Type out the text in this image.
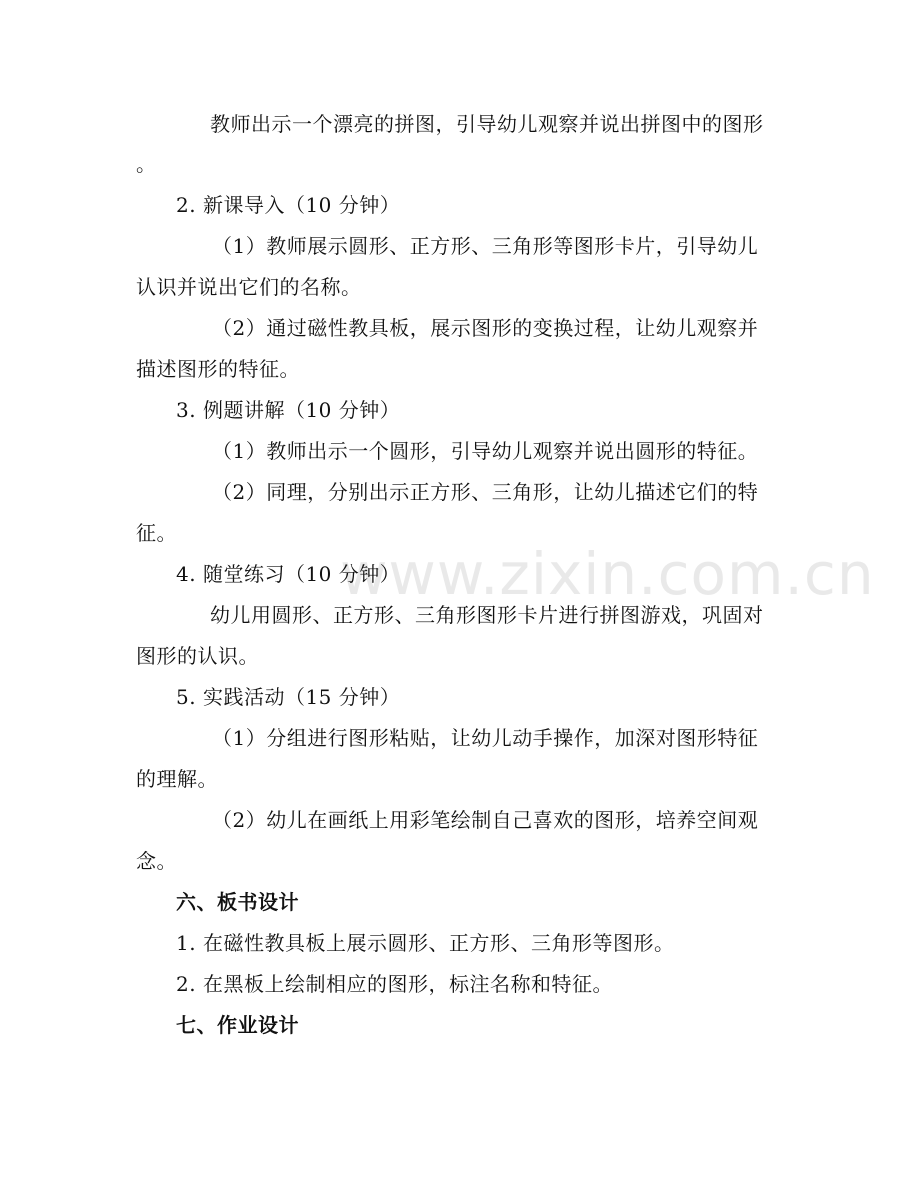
www.zixin.com.cn
教师出示一个漂亮的拼图，引导幼儿观察并说出拼图中的图形
。
2. 新课导入（10 分钟）
（1）教师展示圆形、正方形、三角形等图形卡片，引导幼儿
认识并说出它们的名称。
（2）通过磁性教具板，展示图形的变换过程，让幼儿观察并
描述图形的特征。
3. 例题讲解（10 分钟）
（1）教师出示一个圆形，引导幼儿观察并说出圆形的特征。
（2）同理，分别出示正方形、三角形，让幼儿描述它们的特
征。
4. 随堂练习（10 分钟）
幼儿用圆形、正方形、三角形图形卡片进行拼图游戏，巩固对
图形的认识。
5. 实践活动（15 分钟）
（1）分组进行图形粘贴，让幼儿动手操作，加深对图形特征
的理解。
（2）幼儿在画纸上用彩笔绘制自己喜欢的图形，培养空间观
念。
六、板书设计
1. 在磁性教具板上展示圆形、正方形、三角形等图形。
2. 在黑板上绘制相应的图形，标注名称和特征。
七、作业设计
